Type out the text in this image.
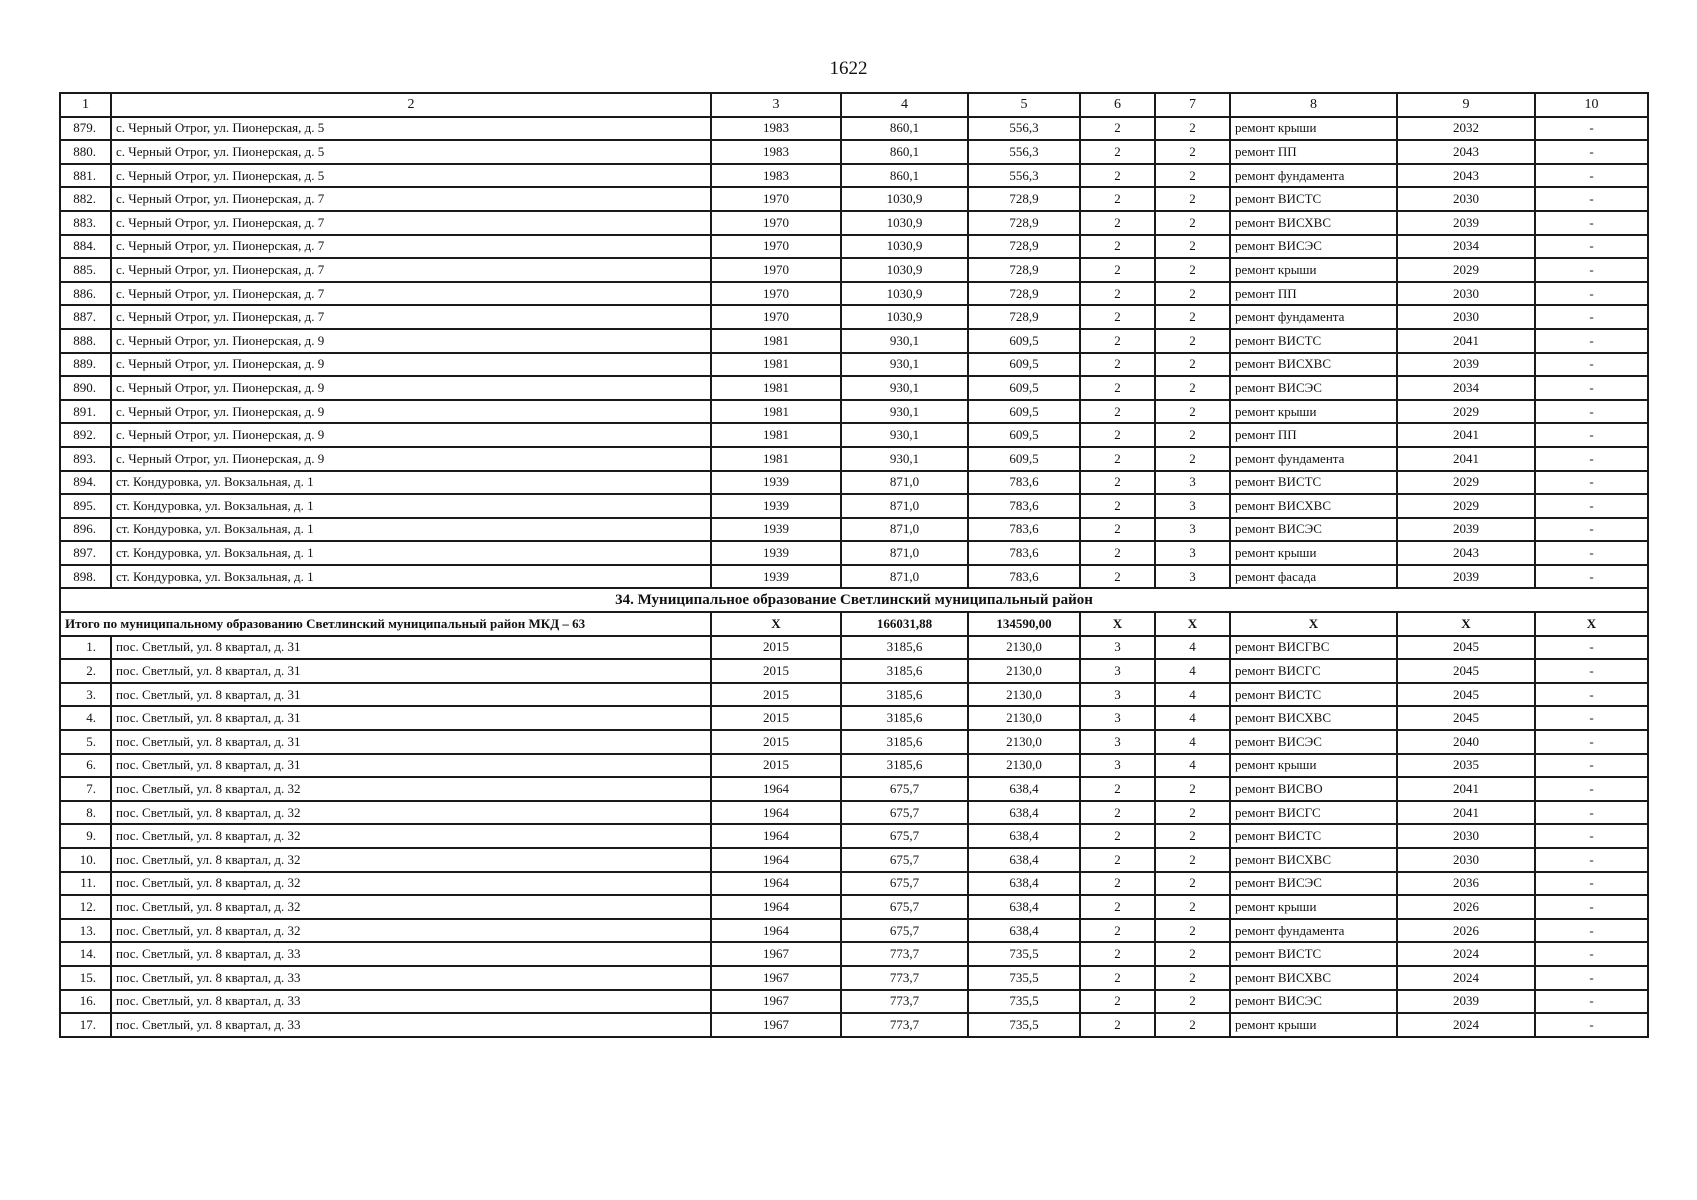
1622
1	2	3	4	5	6	7	8	9	10
879.	с. Черный Отрог, ул. Пионерская, д. 5	1983	860,1	556,3	2	2	ремонт крыши	2032	-
880.	с. Черный Отрог, ул. Пионерская, д. 5	1983	860,1	556,3	2	2	ремонт ПП	2043	-
881.	с. Черный Отрог, ул. Пионерская, д. 5	1983	860,1	556,3	2	2	ремонт фундамента	2043	-
882.	с. Черный Отрог, ул. Пионерская, д. 7	1970	1030,9	728,9	2	2	ремонт ВИСТС	2030	-
883.	с. Черный Отрог, ул. Пионерская, д. 7	1970	1030,9	728,9	2	2	ремонт ВИСХВС	2039	-
884.	с. Черный Отрог, ул. Пионерская, д. 7	1970	1030,9	728,9	2	2	ремонт ВИСЭС	2034	-
885.	с. Черный Отрог, ул. Пионерская, д. 7	1970	1030,9	728,9	2	2	ремонт крыши	2029	-
886.	с. Черный Отрог, ул. Пионерская, д. 7	1970	1030,9	728,9	2	2	ремонт ПП	2030	-
887.	с. Черный Отрог, ул. Пионерская, д. 7	1970	1030,9	728,9	2	2	ремонт фундамента	2030	-
888.	с. Черный Отрог, ул. Пионерская, д. 9	1981	930,1	609,5	2	2	ремонт ВИСТС	2041	-
889.	с. Черный Отрог, ул. Пионерская, д. 9	1981	930,1	609,5	2	2	ремонт ВИСХВС	2039	-
890.	с. Черный Отрог, ул. Пионерская, д. 9	1981	930,1	609,5	2	2	ремонт ВИСЭС	2034	-
891.	с. Черный Отрог, ул. Пионерская, д. 9	1981	930,1	609,5	2	2	ремонт крыши	2029	-
892.	с. Черный Отрог, ул. Пионерская, д. 9	1981	930,1	609,5	2	2	ремонт ПП	2041	-
893.	с. Черный Отрог, ул. Пионерская, д. 9	1981	930,1	609,5	2	2	ремонт фундамента	2041	-
894.	ст. Кондуровка, ул. Вокзальная, д. 1	1939	871,0	783,6	2	3	ремонт ВИСТС	2029	-
895.	ст. Кондуровка, ул. Вокзальная, д. 1	1939	871,0	783,6	2	3	ремонт ВИСХВС	2029	-
896.	ст. Кондуровка, ул. Вокзальная, д. 1	1939	871,0	783,6	2	3	ремонт ВИСЭС	2039	-
897.	ст. Кондуровка, ул. Вокзальная, д. 1	1939	871,0	783,6	2	3	ремонт крыши	2043	-
898.	ст. Кондуровка, ул. Вокзальная, д. 1	1939	871,0	783,6	2	3	ремонт фасада	2039	-
34. Муниципальное образование Светлинский муниципальный район									
Итого по муниципальному образованию Светлинский муниципальный район МКД – 63		Х	166031,88	134590,00	Х	Х	Х	Х	Х
1.	пос. Светлый, ул. 8 квартал, д. 31	2015	3185,6	2130,0	3	4	ремонт ВИСГВС	2045	-
2.	пос. Светлый, ул. 8 квартал, д. 31	2015	3185,6	2130,0	3	4	ремонт ВИСГС	2045	-
3.	пос. Светлый, ул. 8 квартал, д. 31	2015	3185,6	2130,0	3	4	ремонт ВИСТС	2045	-
4.	пос. Светлый, ул. 8 квартал, д. 31	2015	3185,6	2130,0	3	4	ремонт ВИСХВС	2045	-
5.	пос. Светлый, ул. 8 квартал, д. 31	2015	3185,6	2130,0	3	4	ремонт ВИСЭС	2040	-
6.	пос. Светлый, ул. 8 квартал, д. 31	2015	3185,6	2130,0	3	4	ремонт крыши	2035	-
7.	пос. Светлый, ул. 8 квартал, д. 32	1964	675,7	638,4	2	2	ремонт ВИСВО	2041	-
8.	пос. Светлый, ул. 8 квартал, д. 32	1964	675,7	638,4	2	2	ремонт ВИСГС	2041	-
9.	пос. Светлый, ул. 8 квартал, д. 32	1964	675,7	638,4	2	2	ремонт ВИСТС	2030	-
10.	пос. Светлый, ул. 8 квартал, д. 32	1964	675,7	638,4	2	2	ремонт ВИСХВС	2030	-
11.	пос. Светлый, ул. 8 квартал, д. 32	1964	675,7	638,4	2	2	ремонт ВИСЭС	2036	-
12.	пос. Светлый, ул. 8 квартал, д. 32	1964	675,7	638,4	2	2	ремонт крыши	2026	-
13.	пос. Светлый, ул. 8 квартал, д. 32	1964	675,7	638,4	2	2	ремонт фундамента	2026	-
14.	пос. Светлый, ул. 8 квартал, д. 33	1967	773,7	735,5	2	2	ремонт ВИСТС	2024	-
15.	пос. Светлый, ул. 8 квартал, д. 33	1967	773,7	735,5	2	2	ремонт ВИСХВС	2024	-
16.	пос. Светлый, ул. 8 квартал, д. 33	1967	773,7	735,5	2	2	ремонт ВИСЭС	2039	-
17.	пос. Светлый, ул. 8 квартал, д. 33	1967	773,7	735,5	2	2	ремонт крыши	2024	-
